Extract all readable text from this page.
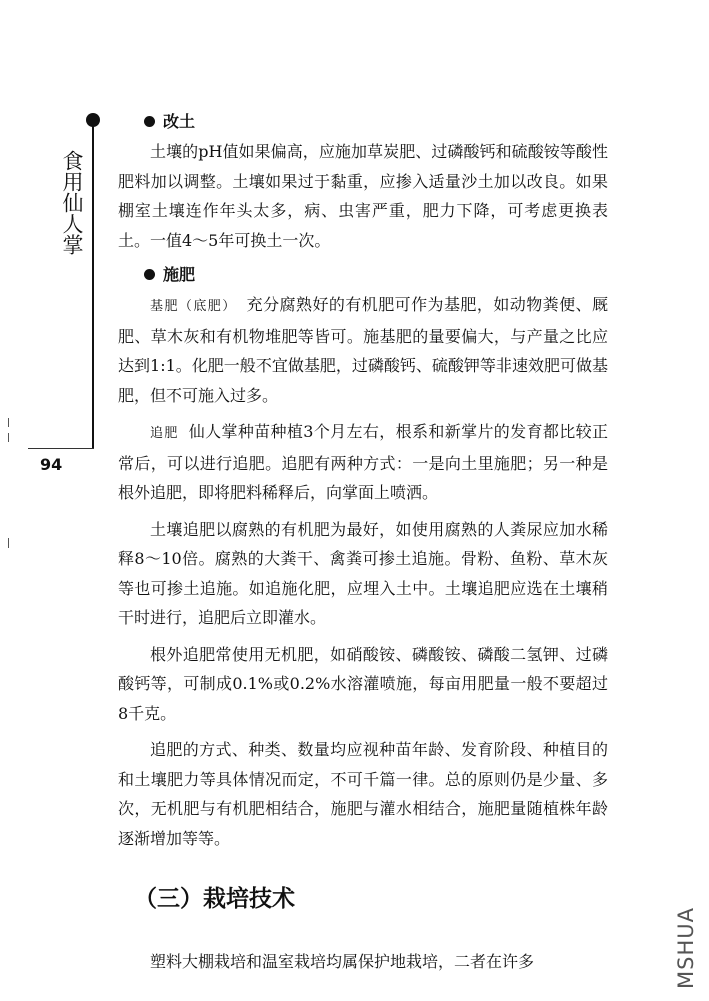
食用仙人掌
94
改土

土壤的pH值如果偏高，应施加草炭肥、过磷酸钙和硫酸铵等酸性肥料加以调整。土壤如果过于黏重，应掺入适量沙土加以改良。如果棚室土壤连作年头太多，病、虫害严重，肥力下降，可考虑更换表土。一值4～5年可换土一次。

施肥

基肥（底肥） 充分腐熟好的有机肥可作为基肥，如动物粪便、厩肥、草木灰和有机物堆肥等皆可。施基肥的量要偏大，与产量之比应达到1:1。化肥一般不宜做基肥，过磷酸钙、硫酸钾等非速效肥可做基肥，但不可施入过多。

追肥 仙人掌种苗种植3个月左右，根系和新掌片的发育都比较正常后，可以进行追肥。追肥有两种方式：一是向土里施肥；另一种是根外追肥，即将肥料稀释后，向掌面上喷洒。

土壤追肥以腐熟的有机肥为最好，如使用腐熟的人粪尿应加水稀释8～10倍。腐熟的大粪干、禽粪可掺土追施。骨粉、鱼粉、草木灰等也可掺土追施。如追施化肥，应埋入土中。土壤追肥应选在土壤稍干时进行，追肥后立即灌水。

根外追肥常使用无机肥，如硝酸铵、磷酸铵、磷酸二氢钾、过磷酸钙等，可制成0.1%或0.2%水溶灌喷施，每亩用肥量一般不要超过8千克。

追肥的方式、种类、数量均应视种苗年龄、发育阶段、种植目的和土壤肥力等具体情况而定，不可千篇一律。总的原则仍是少量、多次，无机肥与有机肥相结合，施肥与灌水相结合，施肥量随植株年龄逐渐增加等等。

（三）栽培技术

塑料大棚栽培和温室栽培均属保护地栽培，二者在许多	MSHUA
